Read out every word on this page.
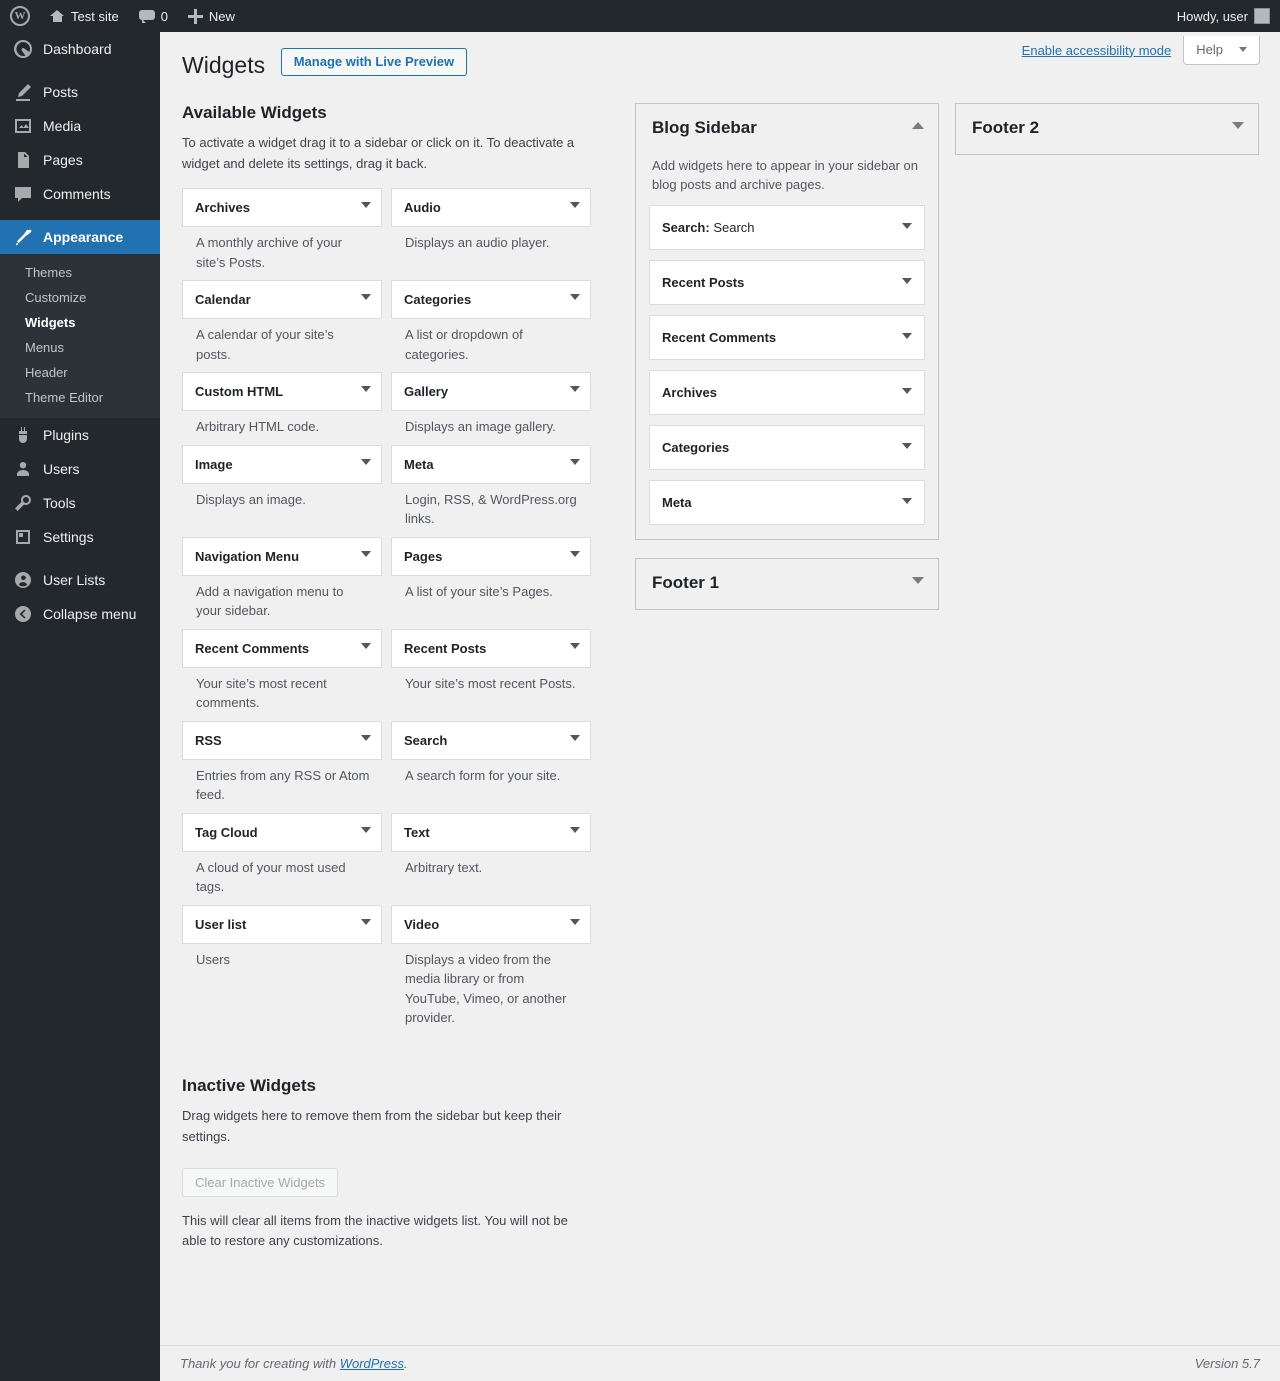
W
Test site	0	New	Howdy, user
Dashboard
Posts
Media
Pages
Comments
Appearance
Themes
Customize
Widgets
Menus
Header
Theme Editor
Plugins
Users
Tools
Settings
User Lists
Collapse menu
Enable accessibility mode	Help
Widgets Manage with Live Preview
Available Widgets

To activate a widget drag it to a sidebar or click on it. To deactivate a widget and delete its settings, drag it back.

Archives
A monthly archive of your site’s Posts.
Audio
Displays an audio player.
Calendar
A calendar of your site’s posts.
Categories
A list or dropdown of categories.
Custom HTML
Arbitrary HTML code.
Gallery
Displays an image gallery.
Image
Displays an image.
Meta
Login, RSS, & WordPress.org links.
Navigation Menu
Add a navigation menu to your sidebar.
Pages
A list of your site’s Pages.
Recent Comments
Your site’s most recent comments.
Recent Posts
Your site’s most recent Posts.
RSS
Entries from any RSS or Atom feed.
Search
A search form for your site.
Tag Cloud
A cloud of your most used tags.
Text
Arbitrary text.
User list
Users
Video
Displays a video from the media library or from YouTube, Vimeo, or another provider.
Inactive Widgets

Drag widgets here to remove them from the sidebar but keep their settings.

Clear Inactive Widgets

This will clear all items from the inactive widgets list. You will not be able to restore any customizations.

Blog Sidebar

Add widgets here to appear in your sidebar on blog posts and archive pages.

Search: Search
Recent Posts
Recent Comments
Archives
Categories
Meta
Footer 1
Footer 2
Thank you for creating with WordPress.	Version 5.7
